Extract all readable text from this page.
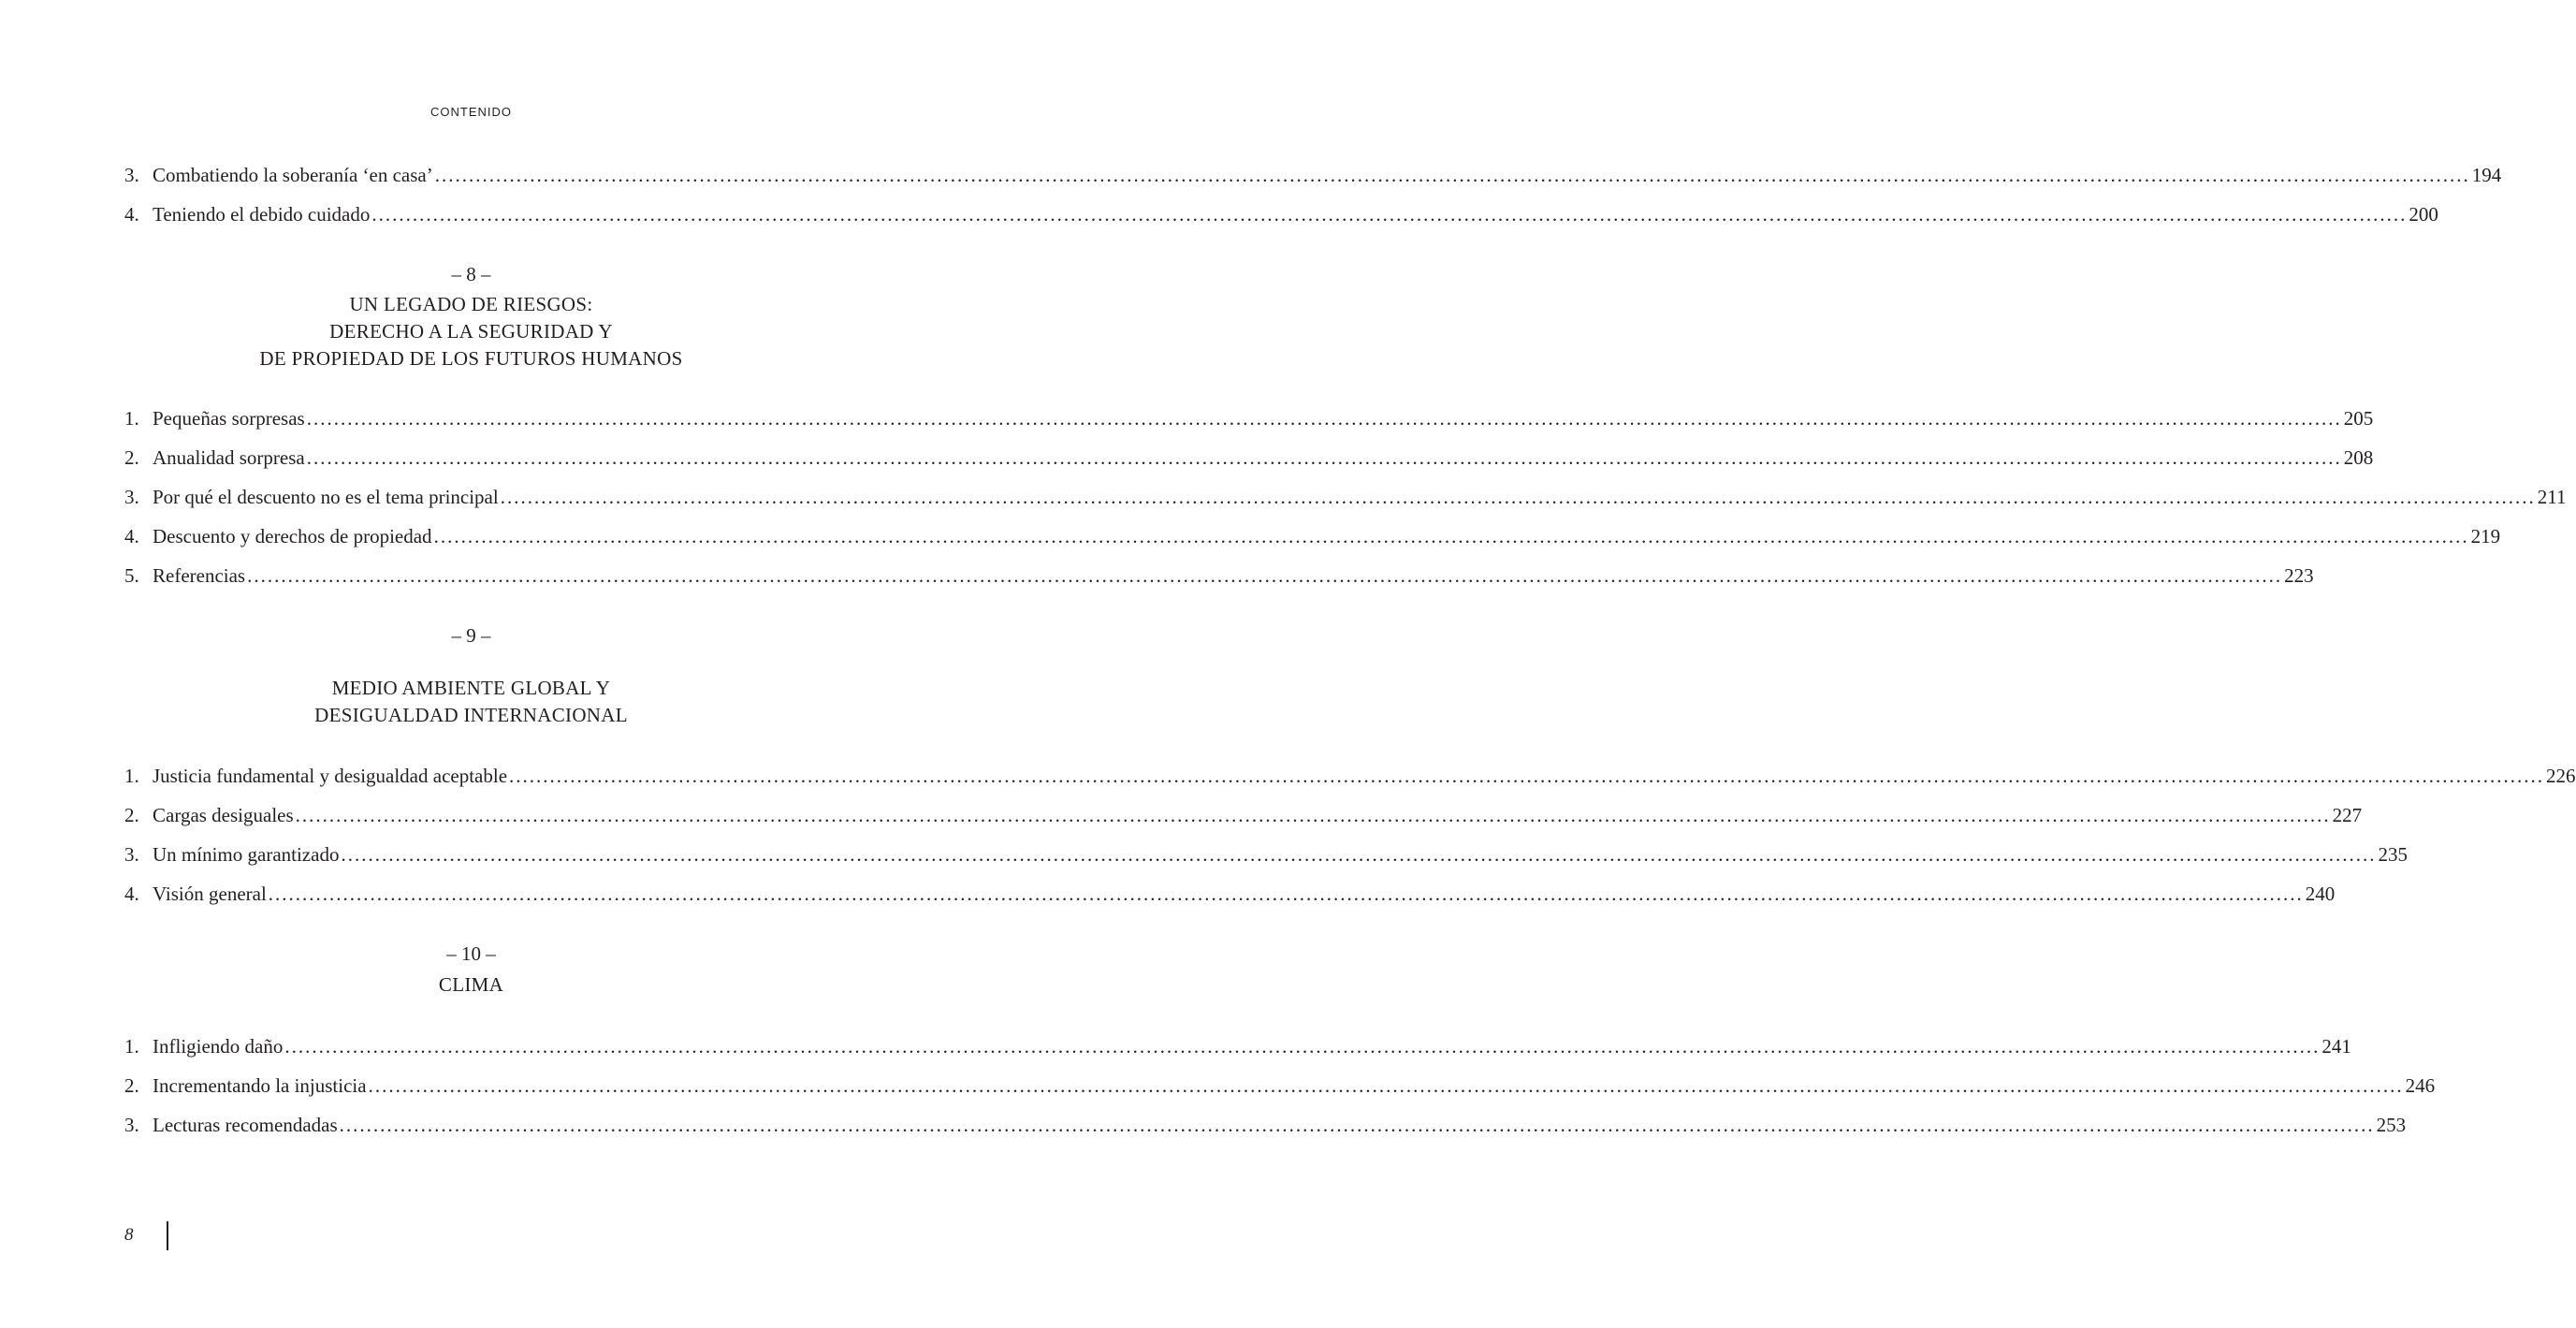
CONTENIDO
3. Combatiendo la soberanía ‘en casa’ ............................................................................................................................................................................................................................................................................................................ 194
4. Teniendo el debido cuidado ............................................................................................................................................................................................................................................................................................................ 200
– 8 –
UN LEGADO DE RIESGOS:
DERECHO A LA SEGURIDAD Y
DE PROPIEDAD DE LOS FUTUROS HUMANOS
1. Pequeñas sorpresas ............................................................................................................................................................................................................................................................................................................ 205
2. Anualidad sorpresa ............................................................................................................................................................................................................................................................................................................ 208
3. Por qué el descuento no es el tema principal ............................................................................................................................................................................................................................................................................................................ 211
4. Descuento y derechos de propiedad ............................................................................................................................................................................................................................................................................................................ 219
5. Referencias ............................................................................................................................................................................................................................................................................................................ 223
– 9 –
MEDIO AMBIENTE GLOBAL Y
DESIGUALDAD INTERNACIONAL
1. Justicia fundamental y desigualdad aceptable ............................................................................................................................................................................................................................................................................................................ 226
2. Cargas desiguales ............................................................................................................................................................................................................................................................................................................ 227
3. Un mínimo garantizado ............................................................................................................................................................................................................................................................................................................ 235
4. Visión general ............................................................................................................................................................................................................................................................................................................ 240
– 10 –
CLIMA
1. Infligiendo daño ............................................................................................................................................................................................................................................................................................................ 241
2. Incrementando la injusticia ............................................................................................................................................................................................................................................................................................................ 246
3. Lecturas recomendadas ............................................................................................................................................................................................................................................................................................................ 253
8
